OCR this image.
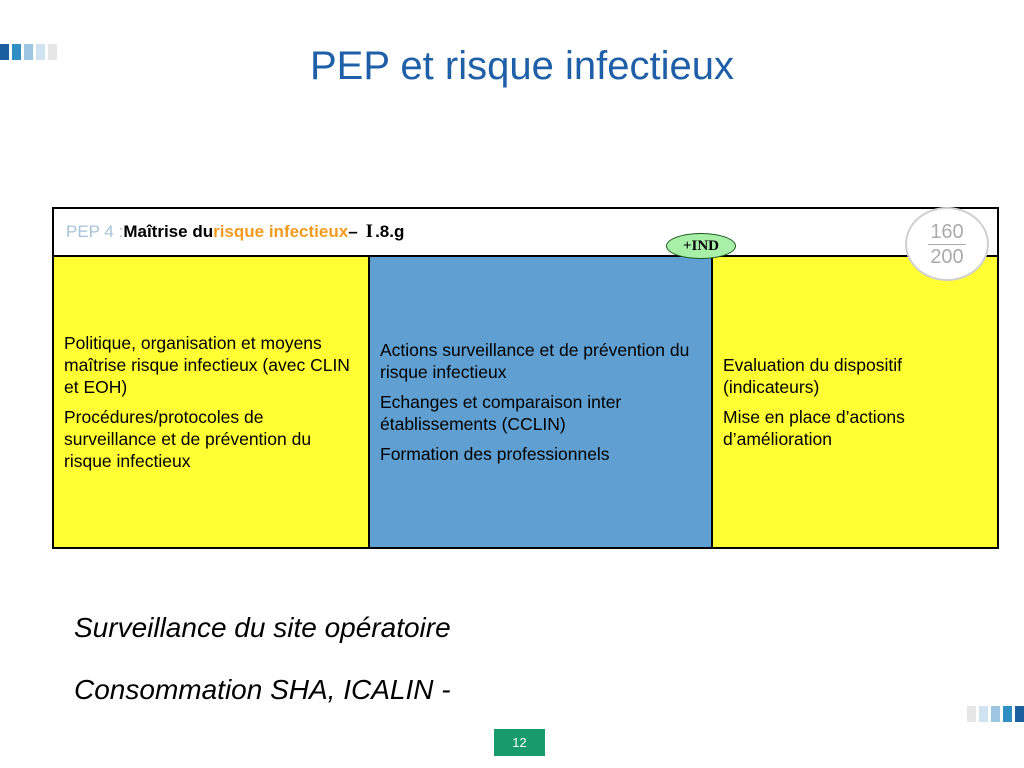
PEP et risque infectieux
PEP 4 : Maîtrise du risque infectieux – I .8.g

Politique, organisation et moyens maîtrise risque infectieux (avec CLIN et EOH)

Procédures/protocoles de surveillance et de prévention du risque infectieux

Actions surveillance et de prévention du risque infectieux

Echanges et comparaison inter établissements (CCLIN)

Formation des professionnels

Evaluation du dispositif (indicateurs)

Mise en place d’actions d’amélioration

+IND	$\frac{160}{200}$

Surveillance du site opératoire

Consommation SHA, ICALIN -

12
